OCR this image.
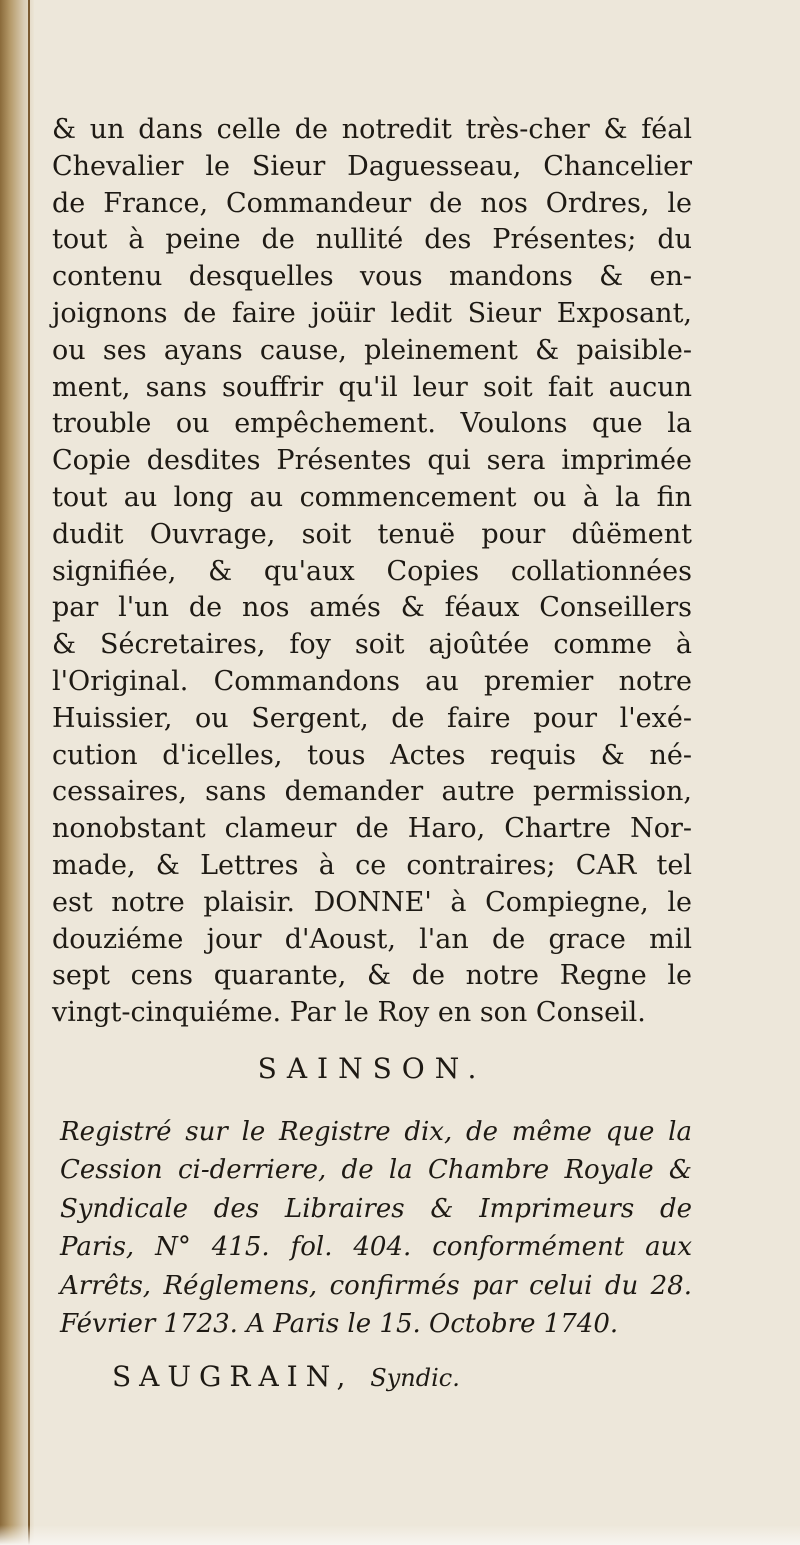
& un dans celle de notredit très-cher & féal
Chevalier le Sieur Daguesseau, Chancelier
de France, Commandeur de nos Ordres, le
tout à peine de nullité des Présentes; du
contenu desquelles vous mandons & en-
joignons de faire joüir ledit Sieur Exposant,
ou ses ayans cause, pleinement & paisible-
ment, sans souffrir qu'il leur soit fait aucun
trouble ou empêchement. Voulons que la
Copie desdites Présentes qui sera imprimée
tout au long au commencement ou à la fin
dudit Ouvrage, soit tenuë pour dûëment
signifiée, & qu'aux Copies collationnées
par l'un de nos amés & féaux Conseillers
& Sécretaires, foy soit ajoûtée comme à
l'Original. Commandons au premier notre
Huissier, ou Sergent, de faire pour l'exé-
cution d'icelles, tous Actes requis & né-
cessaires, sans demander autre permission,
nonobstant clameur de Haro, Chartre Nor-
made, & Lettres à ce contraires; CAR tel
est notre plaisir. DONNE' à Compiegne, le
douziéme jour d'Aoust, l'an de grace mil
sept cens quarante, & de notre Regne le
vingt-cinquiéme. Par le Roy en son Conseil.
SAINSON.
Registré sur le Registre dix, de même que la
Cession ci-derriere, de la Chambre Royale &
Syndicale des Libraires & Imprimeurs de
Paris, N° 415. fol. 404. conformément aux
Arrêts, Réglemens, confirmés par celui du 28.
Février 1723. A Paris le 15. Octobre 1740.
SAUGRAIN, Syndic.
